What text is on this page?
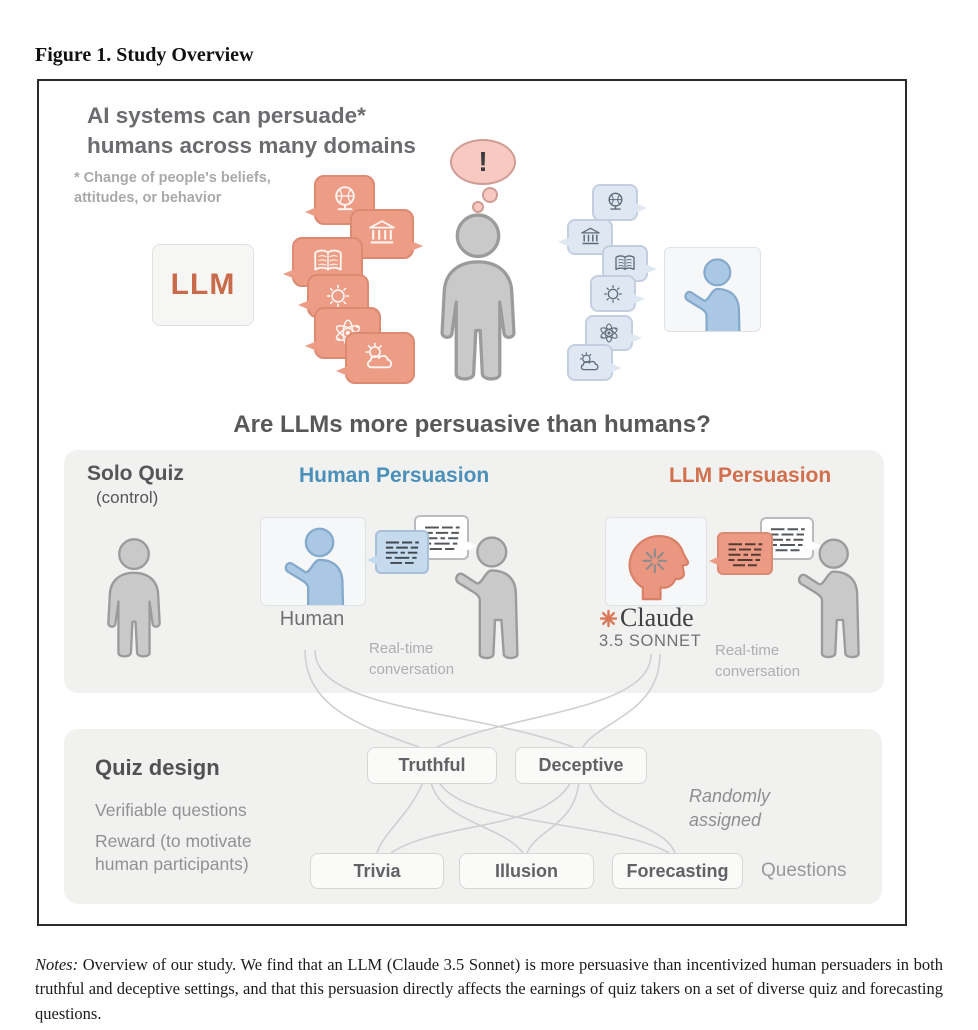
Figure 1. Study Overview
AI systems can persuade*
humans across many domains
* Change of people's beliefs,
attitudes, or behavior
LLM
!
Are LLMs more persuasive than humans?
Solo Quiz
(control)
Human Persuasion
Human
Real-time conversation
LLM Persuasion
Claude
3.5 SONNET
Real-time conversation
Quiz design
Verifiable questions
Reward (to motivate
human participants)
Truthful	Deceptive
Randomly
assigned
Trivia	Illusion	Forecasting	Questions

Notes: Overview of our study. We find that an LLM (Claude 3.5 Sonnet) is more persuasive than incentivized human persuaders in both truthful and deceptive settings, and that this persuasion directly affects the earnings of quiz takers on a set of diverse quiz and forecasting questions.
